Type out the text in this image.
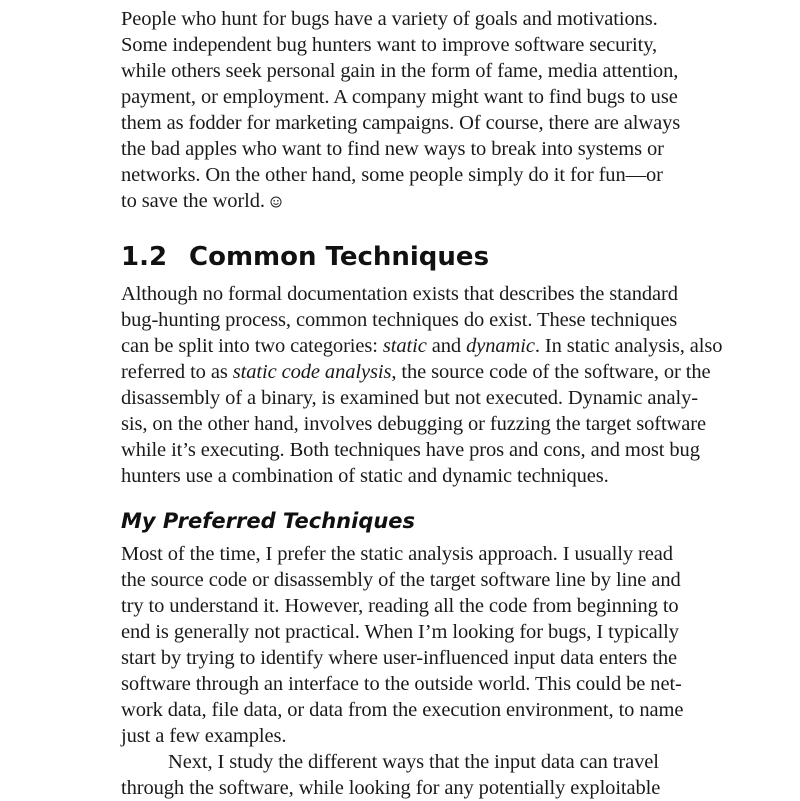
People who hunt for bugs have a variety of goals and motivations.
Some independent bug hunters want to improve software security,
while others seek personal gain in the form of fame, media attention,
payment, or employment. A company might want to find bugs to use
them as fodder for marketing campaigns. Of course, there are always
the bad apples who want to find new ways to break into systems or
networks. On the other hand, some people simply do it for fun—or
to save the world.
1.2 Common Techniques
Although no formal documentation exists that describes the standard
bug-hunting process, common techniques do exist. These techniques
can be split into two categories: static and dynamic. In static analysis, also
referred to as static code analysis, the source code of the software, or the
disassembly of a binary, is examined but not executed. Dynamic analy-
sis, on the other hand, involves debugging or fuzzing the target software
while it’s executing. Both techniques have pros and cons, and most bug
hunters use a combination of static and dynamic techniques.
My Preferred Techniques
Most of the time, I prefer the static analysis approach. I usually read
the source code or disassembly of the target software line by line and
try to understand it. However, reading all the code from beginning to
end is generally not practical. When I’m looking for bugs, I typically
start by trying to identify where user-influenced input data enters the
software through an interface to the outside world. This could be net-
work data, file data, or data from the execution environment, to name
just a few examples.
Next, I study the different ways that the input data can travel
through the software, while looking for any potentially exploitable
